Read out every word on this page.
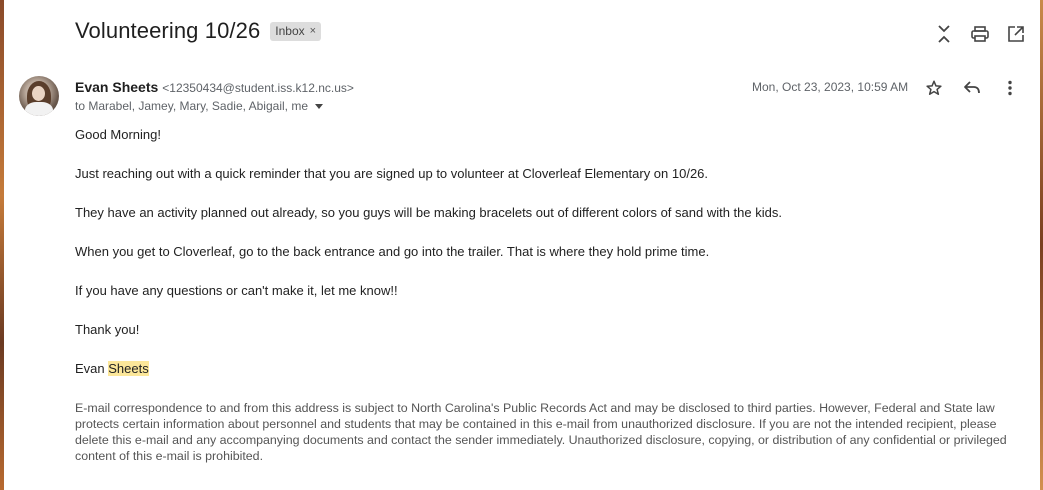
Volunteering 10/26 Inbox ×
Evan Sheets <12350434@student.iss.k12.nc.us>
to Marabel, Jamey, Mary, Sadie, Abigail, me
Mon, Oct 23, 2023, 10:59 AM

Good Morning!

Just reaching out with a quick reminder that you are signed up to volunteer at Cloverleaf Elementary on 10/26.

They have an activity planned out already, so you guys will be making bracelets out of different colors of sand with the kids.

When you get to Cloverleaf, go to the back entrance and go into the trailer. That is where they hold prime time.

If you have any questions or can't make it, let me know!!

Thank you!

Evan Sheets

E-mail correspondence to and from this address is subject to North Carolina's Public Records Act and may be disclosed to third parties. However, Federal and State law protects certain information about personnel and students that may be contained in this e-mail from unauthorized disclosure. If you are not the intended recipient, please delete this e-mail and any accompanying documents and contact the sender immediately. Unauthorized disclosure, copying, or distribution of any confidential or privileged content of this e-mail is prohibited.
